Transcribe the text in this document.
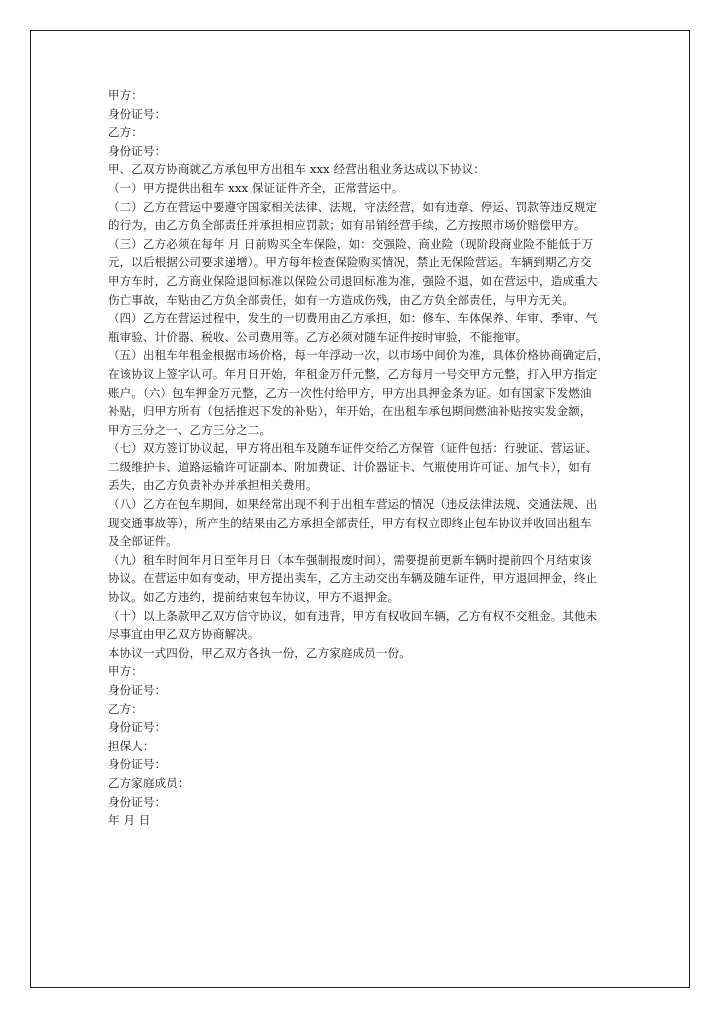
甲方：
身份证号：
乙方：
身份证号：
甲、乙双方协商就乙方承包甲方出租车 xxx 经营出租业务达成以下协议：
（一）甲方提供出租车 xxx 保证证件齐全，正常营运中。
（二）乙方在营运中要遵守国家相关法律、法规，守法经营，如有违章、停运、罚款等违反规定
的行为，由乙方负全部责任并承担相应罚款；如有吊销经营手续，乙方按照市场价赔偿甲方。
（三）乙方必须在每年 月 日前购买全车保险，如：交强险、商业险（现阶段商业险不能低于万
元，以后根据公司要求递增）。甲方每年检查保险购买情况，禁止无保险营运。车辆到期乙方交
甲方车时，乙方商业保险退回标准以保险公司退回标准为准，强险不退，如在营运中，造成重大
伤亡事故，车贴由乙方负全部责任，如有一方造成伤残，由乙方负全部责任，与甲方无关。
（四）乙方在营运过程中，发生的一切费用由乙方承担，如：修车、车体保养、年审、季审、气
瓶审验、计价器、税收、公司费用等。乙方必须对随车证件按时审验，不能拖审。
（五）出租车年租金根据市场价格，每一年浮动一次，以市场中间价为准，具体价格协商确定后，
在该协议上签字认可。年月日开始，年租金万仟元整，乙方每月一号交甲方元整，打入甲方指定
账户。（六）包车押金万元整，乙方一次性付给甲方，甲方出具押金条为证。如有国家下发燃油
补贴，归甲方所有（包括推迟下发的补贴），年开始，在出租车承包期间燃油补贴按实发金额，
甲方三分之一、乙方三分之二。
（七）双方签订协议起，甲方将出租车及随车证件交给乙方保管（证件包括：行驶证、营运证、
二级维护卡、道路运输许可证副本、附加费证、计价器证卡、气瓶使用许可证、加气卡），如有
丢失，由乙方负责补办并承担相关费用。
（八）乙方在包车期间，如果经常出现不利于出租车营运的情况（违反法律法规、交通法规、出
现交通事故等），所产生的结果由乙方承担全部责任，甲方有权立即终止包车协议并收回出租车
及全部证件。
（九）租车时间年月日至年月日（本车强制报废时间），需要提前更新车辆时提前四个月结束该
协议。在营运中如有变动，甲方提出卖车，乙方主动交出车辆及随车证件，甲方退回押金，终止
协议。如乙方违约，提前结束包车协议，甲方不退押金。
（十）以上条款甲乙双方信守协议，如有违背，甲方有权收回车辆，乙方有权不交租金。其他未
尽事宜由甲乙双方协商解决。
本协议一式四份，甲乙双方各执一份，乙方家庭成员一份。
甲方：
身份证号：
乙方：
身份证号：
担保人：
身份证号：
乙方家庭成员：
身份证号：
年 月 日
